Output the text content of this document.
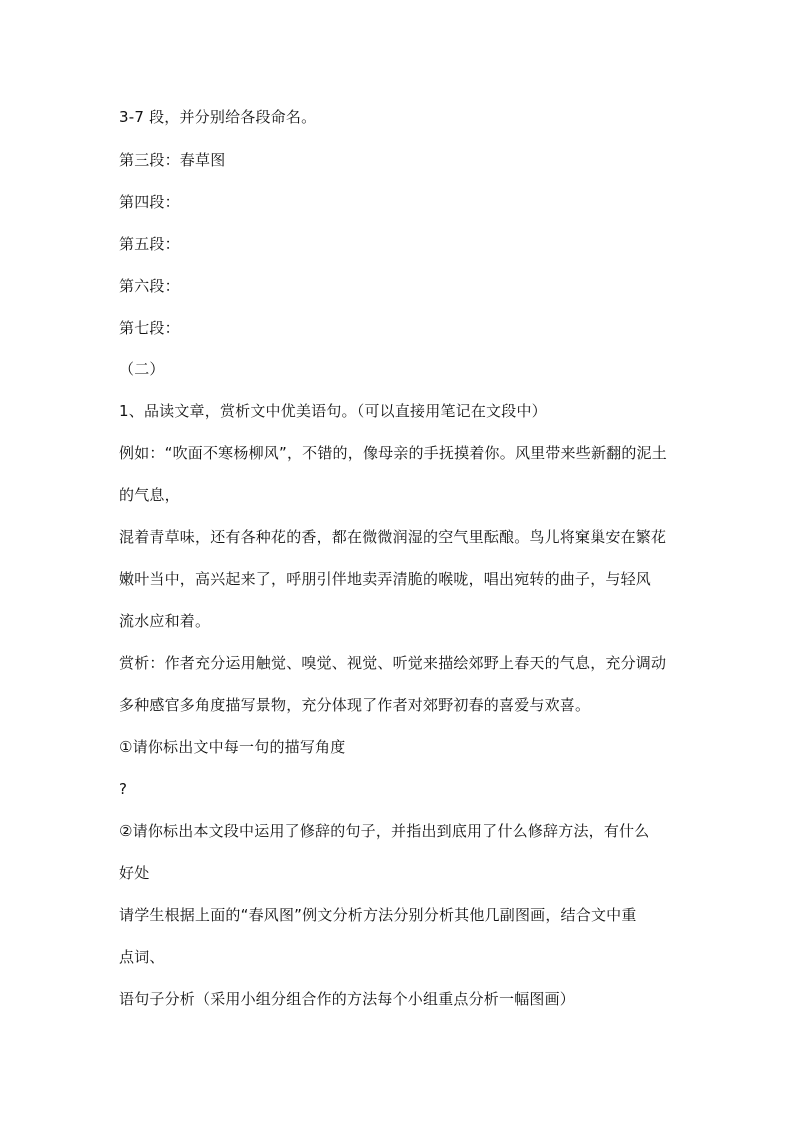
3-7 段，并分别给各段命名。

第三段：春草图

第四段：

第五段：

第六段：

第七段：

（二）

1、品读文章，赏析文中优美语句。（可以直接用笔记在文段中）

例如：“吹面不寒杨柳风”，不错的，像母亲的手抚摸着你。风里带来些新翻的泥土

的气息，

混着青草味，还有各种花的香，都在微微润湿的空气里酝酿。鸟儿将窠巢安在繁花

嫩叶当中，高兴起来了，呼朋引伴地卖弄清脆的喉咙，唱出宛转的曲子，与轻风

流水应和着。

赏析：作者充分运用触觉、嗅觉、视觉、听觉来描绘郊野上春天的气息，充分调动

多种感官多角度描写景物，充分体现了作者对郊野初春的喜爱与欢喜。

①请你标出文中每一句的描写角度

?

②请你标出本文段中运用了修辞的句子，并指出到底用了什么修辞方法，有什么

好处

请学生根据上面的“春风图”例文分析方法分别分析其他几副图画，结合文中重

点词、

语句子分析（采用小组分组合作的方法每个小组重点分析一幅图画）
